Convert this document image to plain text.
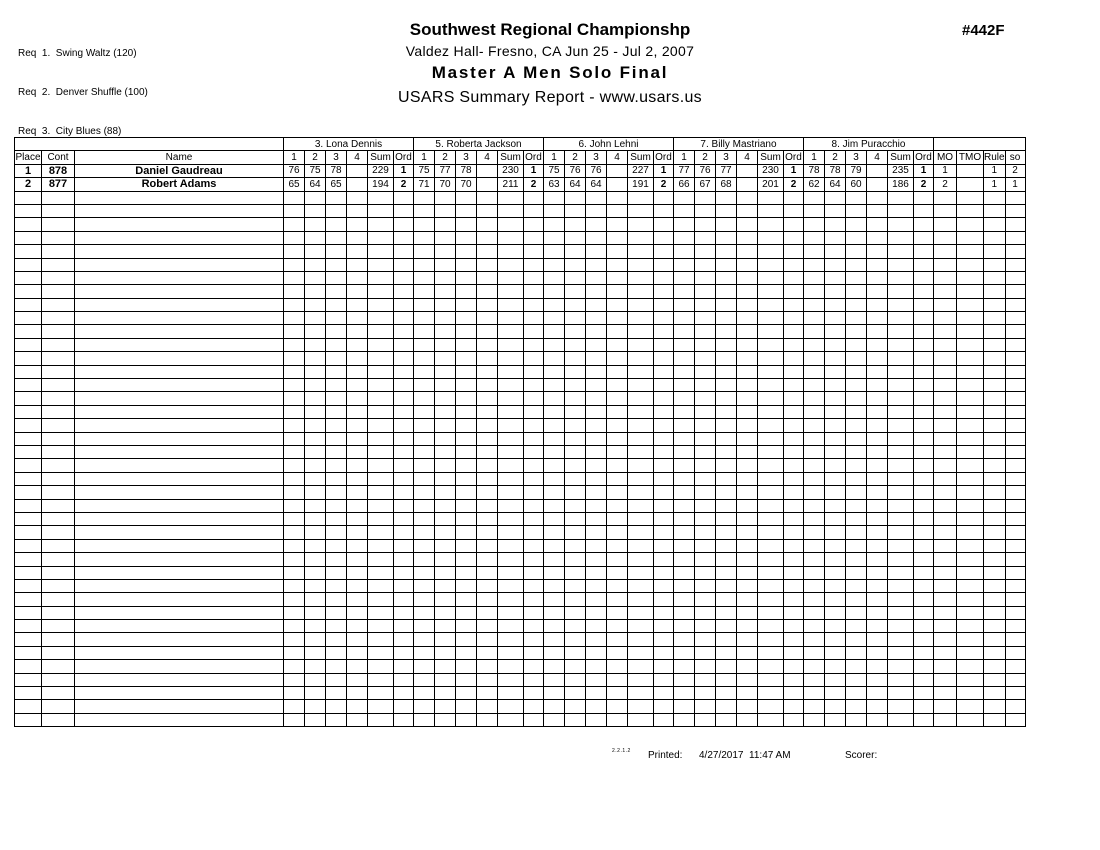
Req  1.  Swing Waltz (120)

Req  2.  Denver Shuffle (100)

Req  3.  City Blues (88)

Southwest Regional Championshp
Valdez Hall- Fresno, CA Jun 25 - Jul 2, 2007
Master A Men Solo Final
USARS Summary Report - www.usars.us
#442F
			3. Lona Dennis						5. Roberta Jackson						6. John Lehni						7. Billy Mastriano						8. Jim Puracchio									
Place	Cont	Name	1	2	3	4	Sum	Ord	1	2	3	4	Sum	Ord	1	2	3	4	Sum	Ord	1	2	3	4	Sum	Ord	1	2	3	4	Sum	Ord	MO	TMO	Rule	so
1	878	Daniel Gaudreau	76	75	78		229	1	75	77	78		230	1	75	76	76		227	1	77	76	77		230	1	78	78	79		235	1	1		1	2
2	877	Robert Adams	65	64	65		194	2	71	70	70		211	2	63	64	64		191	2	66	67	68		201	2	62	64	60		186	2	2		1	1

2.2.1.2 Printed: 4/27/2017  11:47 AM	Scorer:
